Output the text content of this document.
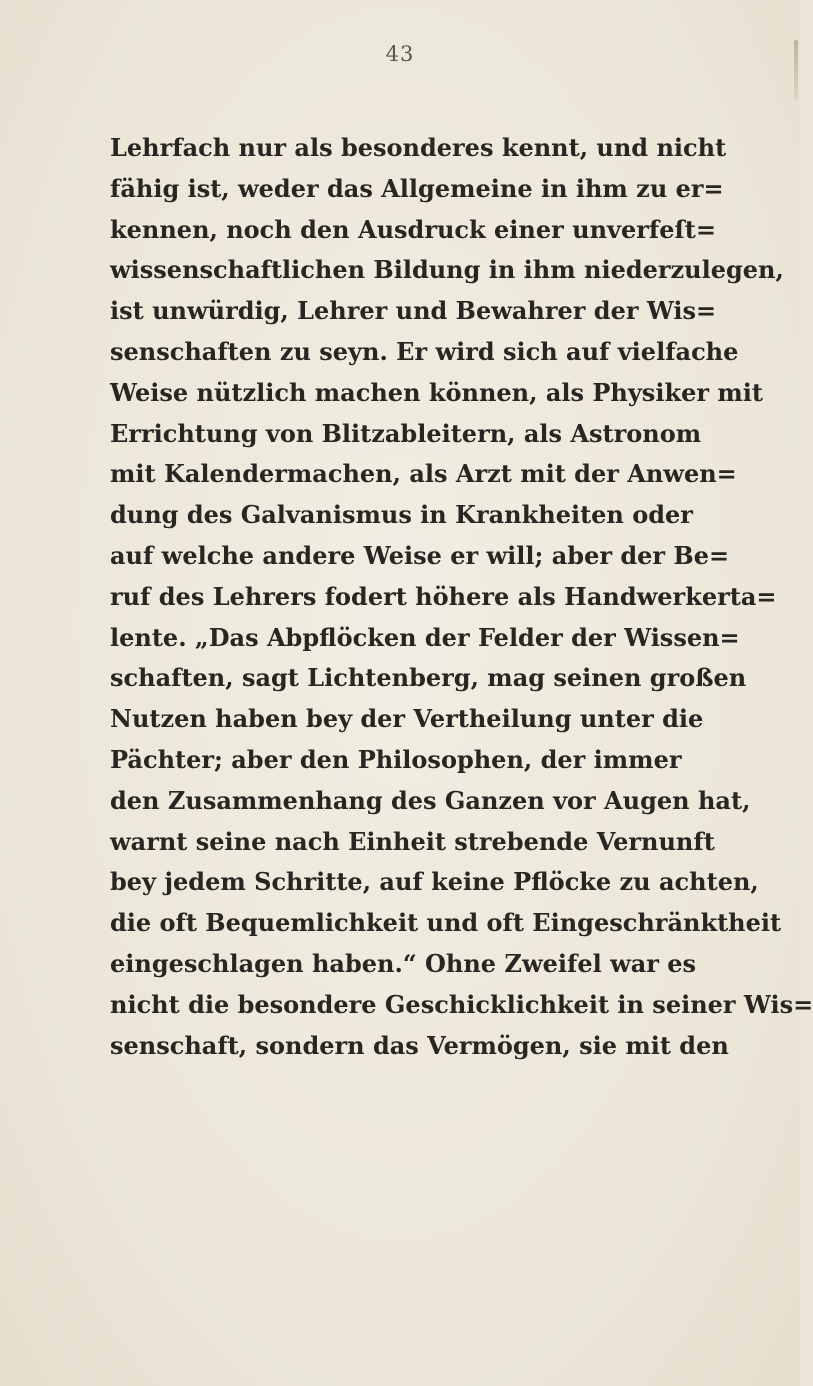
43
Lehrfach nur als besonderes kennt, und nicht
fähig ist, weder das Allgemeine in ihm zu er=
kennen, noch den Ausdruck einer unverfeſt=
wissenschaftlichen Bildung in ihm niederzulegen,
ist unwürdig, Lehrer und Bewahrer der Wis=
senschaften zu seyn. Er wird sich auf vielfache
Weise nützlich machen können, als Physiker mit
Errichtung von Blitzableitern, als Astronom
mit Kalendermachen, als Arzt mit der Anwen=
dung des Galvanismus in Krankheiten oder
auf welche andere Weise er will; aber der Be=
ruf des Lehrers fodert höhere als Handwerkerta=
lente. „Das Abpflöcken der Felder der Wissen=
schaften, sagt Lichtenberg, mag seinen großen
Nutzen haben bey der Vertheilung unter die
Pächter; aber den Philosophen, der immer
den Zusammenhang des Ganzen vor Augen hat,
warnt seine nach Einheit strebende Vernunft
bey jedem Schritte, auf keine Pflöcke zu achten,
die oft Bequemlichkeit und oft Eingeschränktheit
eingeschlagen haben.“ Ohne Zweifel war es
nicht die besondere Geschicklichkeit in seiner Wis=
senschaft, sondern das Vermögen, sie mit den
